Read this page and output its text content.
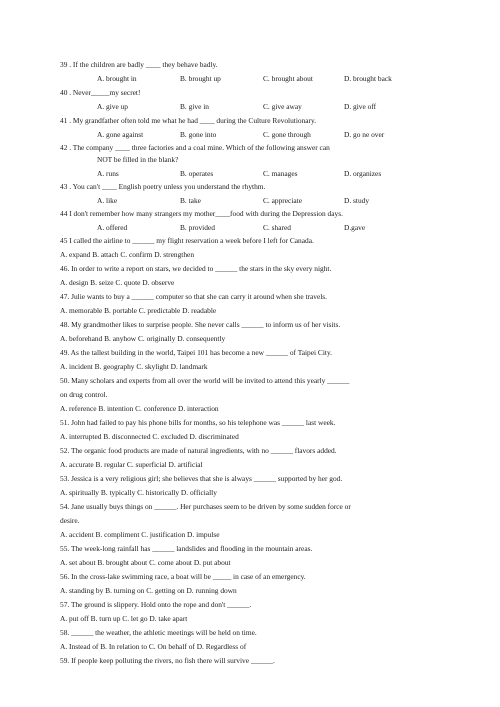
39 . If the children are badly ____ they behave badly.
A. brought in	B. brought up	C. brought about	D. brought back
40 . Never_____my secret!
A. give up	B. give in	C. give away	D. give off
41 . My grandfather often told me what he had ____ during the Culture Revolutionary.
A. gone against	B. gone into	C. gone through	D. go ne over
42 . The company ____ three factories and a coal mine. Which of the following answer can
NOT be filled in the blank?
A. runs	B. operates	C. manages	D. organizes
43 . You can't ____ English poetry unless you understand the rhythm.
A. like	B. take	C. appreciate	D. study
44 I don't remember how many strangers my mother____food with during the Depression days.
A. offered	B. provided	C. shared	D.gave
45 I called the airline to ______ my flight reservation a week before I left for Canada.
A. expand B. attach C. confirm D. strengthen
46. In order to write a report on stars, we decided to ______ the stars in the sky every night.
A. design B. seize C. quote D. observe
47. Julie wants to buy a ______ computer so that she can carry it around when she travels.
A. memorable B. portable C. predictable D. readable
48. My grandmother likes to surprise people. She never calls ______ to inform us of her visits.
A. beforehand B. anyhow C. originally D. consequently
49. As the tallest building in the world, Taipei 101 has become a new ______ of Taipei City.
A. incident B. geography C. skylight D. landmark
50. Many scholars and experts from all over the world will be invited to attend this yearly ______
on drug control.
A. reference B. intention C. conference D. interaction
51. John had failed to pay his phone bills for months, so his telephone was ______ last week.
A. interrupted B. disconnected C. excluded D. discriminated
52. The organic food products are made of natural ingredients, with no ______ flavors added.
A. accurate B. regular C. superficial D. artificial
53. Jessica is a very religious girl; she believes that she is always ______ supported by her god.
A. spiritually B. typically C. historically D. officially
54. Jane usually buys things on ______. Her purchases seem to be driven by some sudden force or
desire.
A. accident B. compliment C. justification D. impulse
55. The week-long rainfall has ______ landslides and flooding in the mountain areas.
A. set about B. brought about C. come about D. put about
56. In the cross-lake swimming race, a boat will be _____ in case of an emergency.
A. standing by B. turning on C. getting on D. running down
57. The ground is slippery. Hold onto the rope and don't ______.
A. put off B. turn up C. let go D. take apart
58. ______ the weather, the athletic meetings will be held on time.
A. Instead of B. In relation to C. On behalf of D. Regardless of
59. If people keep polluting the rivers, no fish there will survive ______.
